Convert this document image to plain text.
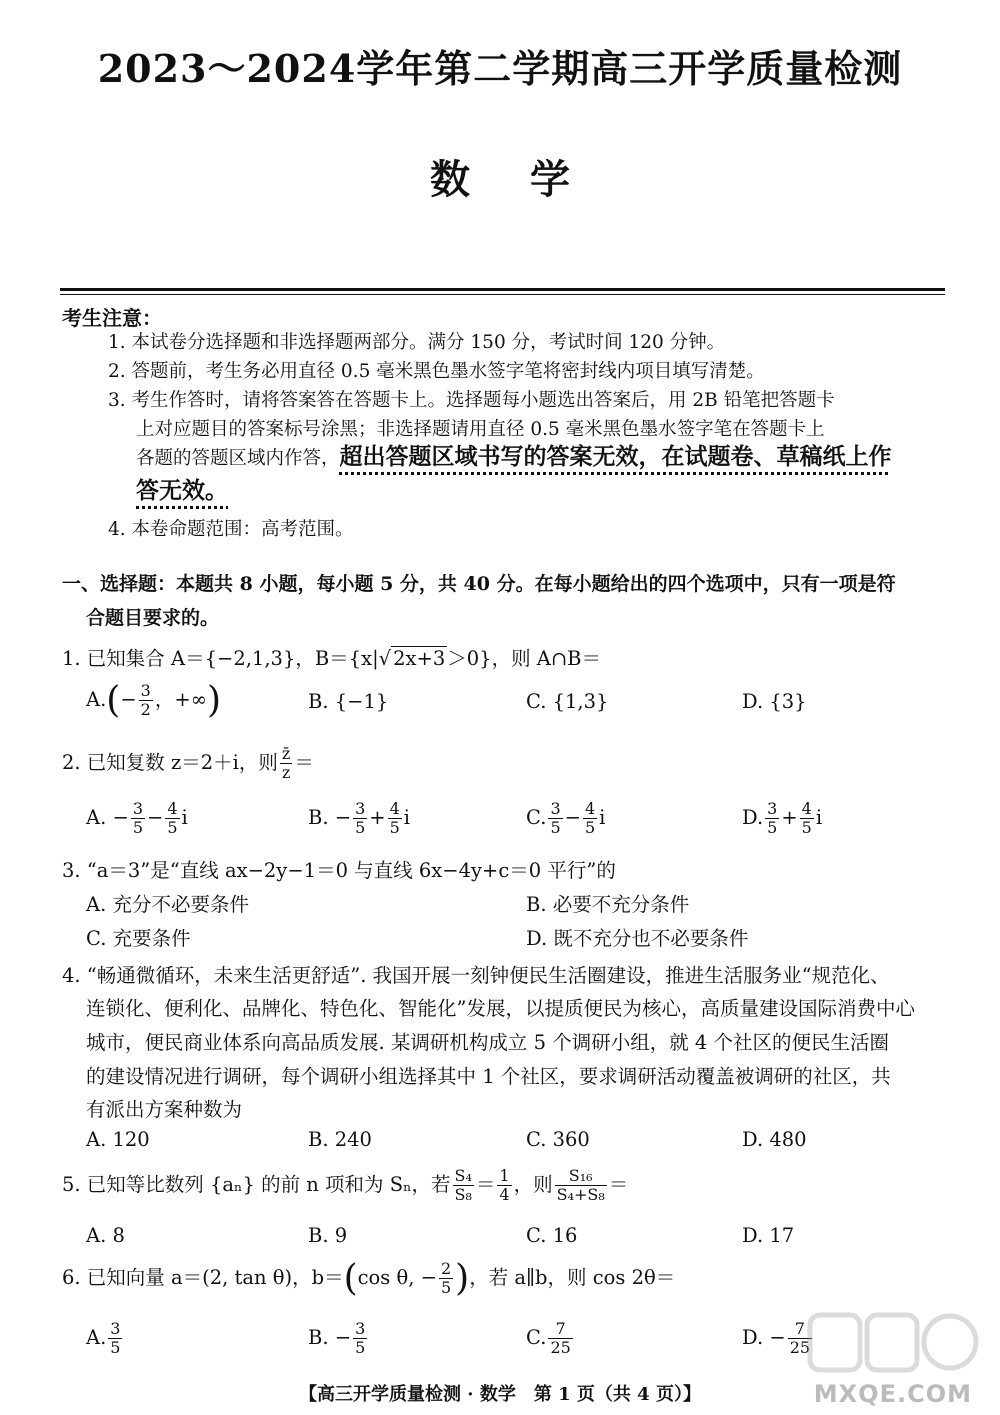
2023～2024学年第二学期高三开学质量检测
数学
考生注意：
1. 本试卷分选择题和非选择题两部分。满分 150 分，考试时间 120 分钟。
2. 答题前，考生务必用直径 0.5 毫米黑色墨水签字笔将密封线内项目填写清楚。
3. 考生作答时，请将答案答在答题卡上。选择题每小题选出答案后，用 2B 铅笔把答题卡
上对应题目的答案标号涂黑；非选择题请用直径 0.5 毫米黑色墨水签字笔在答题卡上
各题的答题区域内作答，超出答题区域书写的答案无效，在试题卷、草稿纸上作
答无效。
4. 本卷命题范围：高考范围。
一、选择题：本题共 8 小题，每小题 5 分，共 40 分。在每小题给出的四个选项中，只有一项是符
合题目要求的。
1. 已知集合 A＝{−2,1,3}，B＝{x|√ 2x+3 ＞0}，则 A∩B＝
$A.(- \frac{3}{2}$ ，+∞)	B. {−1}	C. {1,3}	D. {3}
2. 已知复数 z＝2＋i，则 $\frac{z̄}{z}$ ＝
A. − $\frac{3}{5} - \frac{4}{5}$ i	B. − $\frac{3}{5} + \frac{4}{5}$ i	C. $\frac{3}{5} - \frac{4}{5}$ i	D. $\frac{3}{5} + \frac{4}{5}$ i
3. “a＝3”是“直线 ax−2y−1＝0 与直线 6x−4y+c＝0 平行”的
A. 充分不必要条件	B. 必要不充分条件
C. 充要条件	D. 既不充分也不必要条件
4. “畅通微循环，未来生活更舒适”. 我国开展一刻钟便民生活圈建设，推进生活服务业“规范化、
连锁化、便利化、品牌化、特色化、智能化”发展，以提质便民为核心，高质量建设国际消费中心
城市，便民商业体系向高品质发展. 某调研机构成立 5 个调研小组，就 4 个社区的便民生活圈
的建设情况进行调研，每个调研小组选择其中 1 个社区，要求调研活动覆盖被调研的社区，共
有派出方案种数为
A. 120	B. 240	C. 360	D. 480
5. 已知等比数列 {aₙ} 的前 n 项和为 Sₙ，若 $\frac{\text{S₄}}{\text{S₈}} = \frac{1}{4}$ ，则 $\frac{\text{S₁₆}}{\text{S₄+S₈}}$ ＝
A. 8	B. 9	C. 16	D. 17
6. 已知向量 a＝(2, tan θ)，b＝(cos θ, − $\frac{2}{5}$ )，若 a∥b，则 cos 2θ＝
A. $\frac{3}{5}$	B. − $\frac{3}{5}$	C. $\frac{7}{25}$	D. − $\frac{7}{25}$
MXQE.COM
【高三开学质量检测 · 数学　第 1 页（共 4 页）】
